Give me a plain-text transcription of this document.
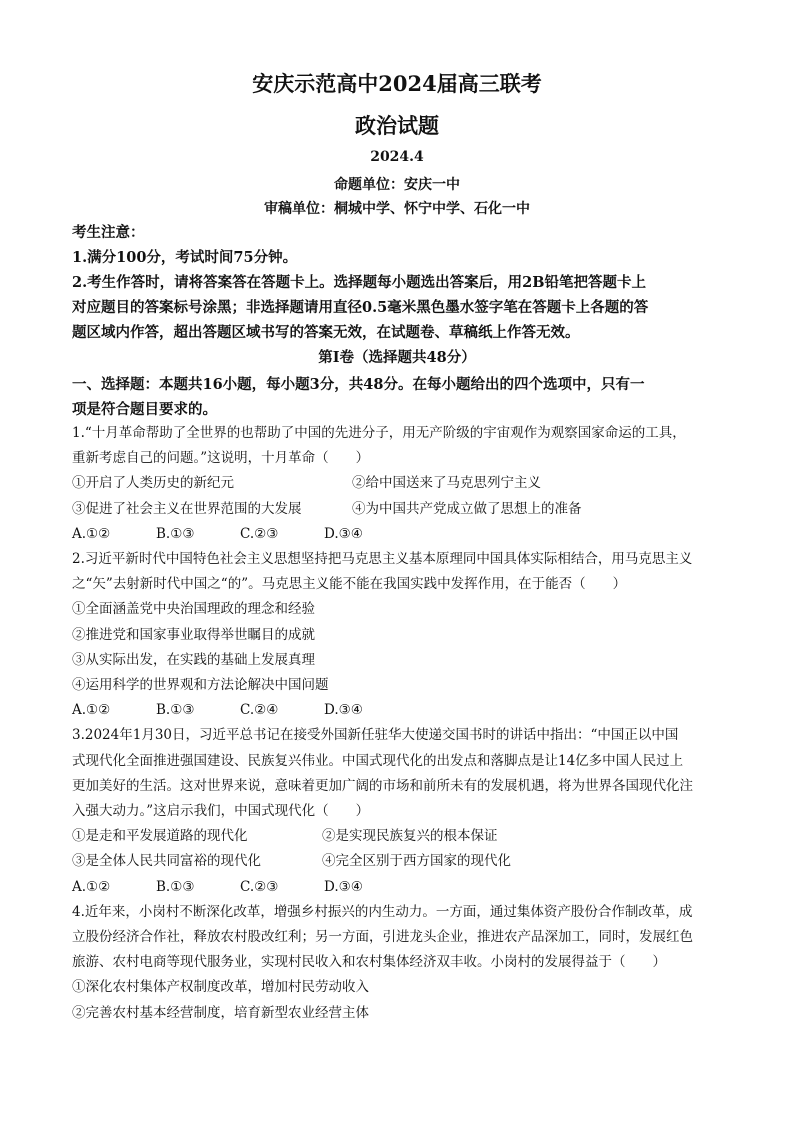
安庆示范高中2024届高三联考
政治试题
2024.4
命题单位：安庆一中
审稿单位：桐城中学、怀宁中学、石化一中
考生注意：
1.满分100分，考试时间75分钟。
2.考生作答时，请将答案答在答题卡上。选择题每小题选出答案后，用2B铅笔把答题卡上
对应题目的答案标号涂黑；非选择题请用直径0.5毫米黑色墨水签字笔在答题卡上各题的答
题区域内作答，超出答题区域书写的答案无效，在试题卷、草稿纸上作答无效。
第Ⅰ卷（选择题共48分）
一、选择题：本题共16小题，每小题3分，共48分。在每小题给出的四个选项中，只有一
项是符合题目要求的。
1.“十月革命帮助了全世界的也帮助了中国的先进分子，用无产阶级的宇宙观作为观察国家命运的工具，
重新考虑自己的问题。”这说明，十月革命（　　）
①开启了人类历史的新纪元	②给中国送来了马克思列宁主义
③促进了社会主义在世界范围的大发展	④为中国共产党成立做了思想上的准备
A.①②	B.①③	C.②③	D.③④
2.习近平新时代中国特色社会主义思想坚持把马克思主义基本原理同中国具体实际相结合，用马克思主义
之“矢”去射新时代中国之“的”。马克思主义能不能在我国实践中发挥作用，在于能否（　　）
①全面涵盖党中央治国理政的理念和经验
②推进党和国家事业取得举世瞩目的成就
③从实际出发，在实践的基础上发展真理
④运用科学的世界观和方法论解决中国问题
A.①②	B.①③	C.②④	D.③④
3.2024年1月30日，习近平总书记在接受外国新任驻华大使递交国书时的讲话中指出：“中国正以中国
式现代化全面推进强国建设、民族复兴伟业。中国式现代化的出发点和落脚点是让14亿多中国人民过上
更加美好的生活。这对世界来说，意味着更加广阔的市场和前所未有的发展机遇，将为世界各国现代化注
入强大动力。”这启示我们，中国式现代化（　　）
①是走和平发展道路的现代化	②是实现民族复兴的根本保证
③是全体人民共同富裕的现代化	④完全区别于西方国家的现代化
A.①②	B.①③	C.②③	D.③④
4.近年来，小岗村不断深化改革，增强乡村振兴的内生动力。一方面，通过集体资产股份合作制改革，成
立股份经济合作社，释放农村股改红利；另一方面，引进龙头企业，推进农产品深加工，同时，发展红色
旅游、农村电商等现代服务业，实现村民收入和农村集体经济双丰收。小岗村的发展得益于（　　）
①深化农村集体产权制度改革，增加村民劳动收入
②完善农村基本经营制度，培育新型农业经营主体
